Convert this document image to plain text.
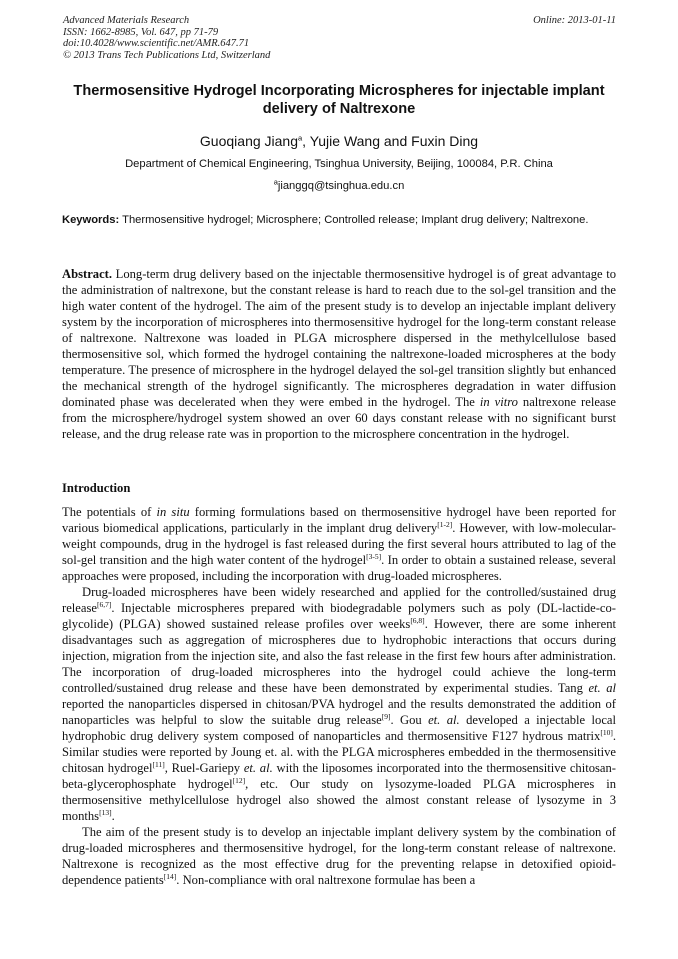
Advanced Materials Research	Online: 2013-01-11
ISSN: 1662-8985, Vol. 647, pp 71-79
doi:10.4028/www.scientific.net/AMR.647.71
© 2013 Trans Tech Publications Ltd, Switzerland
Thermosensitive Hydrogel Incorporating Microspheres for injectable implant delivery of Naltrexone
Guoqiang Jiang$^a$, Yujie Wang and Fuxin Ding
Department of Chemical Engineering, Tsinghua University, Beijing, 100084, P.R. China
$^a$jianggq@tsinghua.edu.cn
Keywords: Thermosensitive hydrogel; Microsphere; Controlled release; Implant drug delivery; Naltrexone.
Abstract. Long-term drug delivery based on the injectable thermosensitive hydrogel is of great advantage to the administration of naltrexone, but the constant release is hard to reach due to the sol-gel transition and the high water content of the hydrogel. The aim of the present study is to develop an injectable implant delivery system by the incorporation of microspheres into thermosensitive hydrogel for the long-term constant release of naltrexone. Naltrexone was loaded in PLGA microsphere dispersed in the methylcellulose based thermosensitive sol, which formed the hydrogel containing the naltrexone-loaded microspheres at the body temperature. The presence of microsphere in the hydrogel delayed the sol-gel transition slightly but enhanced the mechanical strength of the hydrogel significantly. The microspheres degradation in water diffusion dominated phase was decelerated when they were embed in the hydrogel. The in vitro naltrexone release from the microsphere/hydrogel system showed an over 60 days constant release with no significant burst release, and the drug release rate was in proportion to the microsphere concentration in the hydrogel.
Introduction

The potentials of in situ forming formulations based on thermosensitive hydrogel have been reported for various biomedical applications, particularly in the implant drug delivery[1-2]. However, with low-molecular-weight compounds, drug in the hydrogel is fast released during the first several hours attributed to lag of the sol-gel transition and the high water content of the hydrogel[3-5]. In order to obtain a sustained release, several approaches were proposed, including the incorporation with drug-loaded microspheres.

Drug-loaded microspheres have been widely researched and applied for the controlled/sustained drug release[6,7]. Injectable microspheres prepared with biodegradable polymers such as poly (DL-lactide-co-glycolide) (PLGA) showed sustained release profiles over weeks[6,8]. However, there are some inherent disadvantages such as aggregation of microspheres due to hydrophobic interactions that occurs during injection, migration from the injection site, and also the fast release in the first few hours after administration. The incorporation of drug-loaded microspheres into the hydrogel could achieve the long-term controlled/sustained drug release and these have been demonstrated by experimental studies. Tang et. al reported the nanoparticles dispersed in chitosan/PVA hydrogel and the results demonstrated the addition of nanoparticles was helpful to slow the suitable drug release[9]. Gou et. al. developed a injectable local hydrophobic drug delivery system composed of nanoparticles and thermosensitive F127 hydrous matrix[10]. Similar studies were reported by Joung et. al. with the PLGA microspheres embedded in the thermosensitive chitosan hydrogel[11], Ruel-Gariepy et. al. with the liposomes incorporated into the thermosensitive chitosan-beta-glycerophosphate hydrogel[12], etc. Our study on lysozyme-loaded PLGA microspheres in thermosensitive methylcellulose hydrogel also showed the almost constant release of lysozyme in 3 months[13].

The aim of the present study is to develop an injectable implant delivery system by the combination of drug-loaded microspheres and thermosensitive hydrogel, for the long-term constant release of naltrexone. Naltrexone is recognized as the most effective drug for the preventing relapse in detoxified opioid-dependence patients[14]. Non-compliance with oral naltrexone formulae has been a
